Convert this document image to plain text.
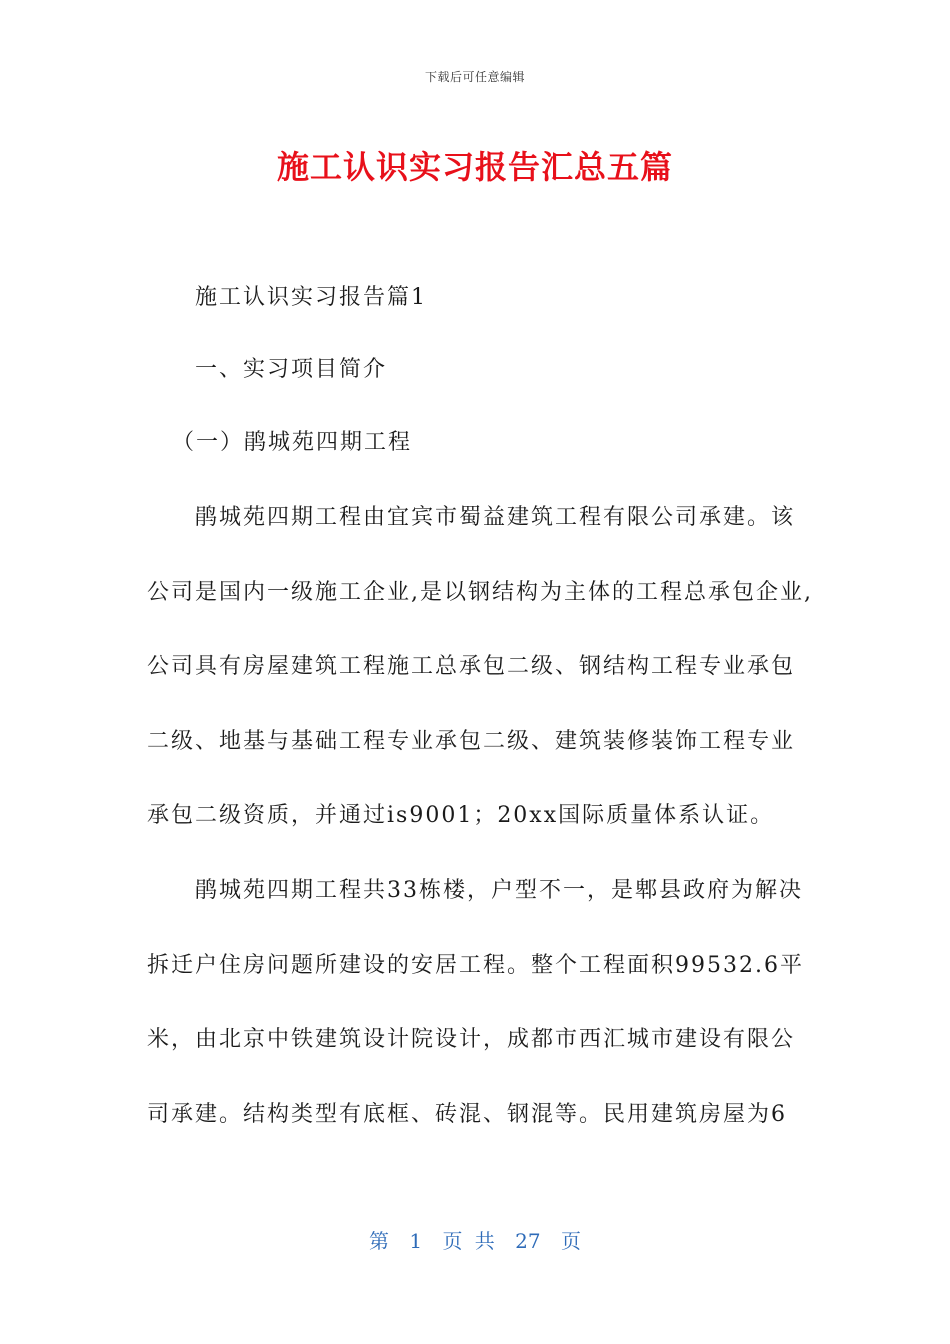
下载后可任意编辑
施工认识实习报告汇总五篇
施工认识实习报告篇1
一、实习项目简介
（一）鹃城苑四期工程
鹃城苑四期工程由宜宾市蜀益建筑工程有限公司承建。该
公司是国内一级施工企业,是以钢结构为主体的工程总承包企业,
公司具有房屋建筑工程施工总承包二级、钢结构工程专业承包
二级、地基与基础工程专业承包二级、建筑装修装饰工程专业
承包二级资质，并通过is9001；20xx国际质量体系认证。
鹃城苑四期工程共33栋楼，户型不一，是郫县政府为解决
拆迁户住房问题所建设的安居工程。整个工程面积99532.6平
米，由北京中铁建筑设计院设计，成都市西汇城市建设有限公
司承建。结构类型有底框、砖混、钢混等。民用建筑房屋为6
第 1 页 共 27 页
